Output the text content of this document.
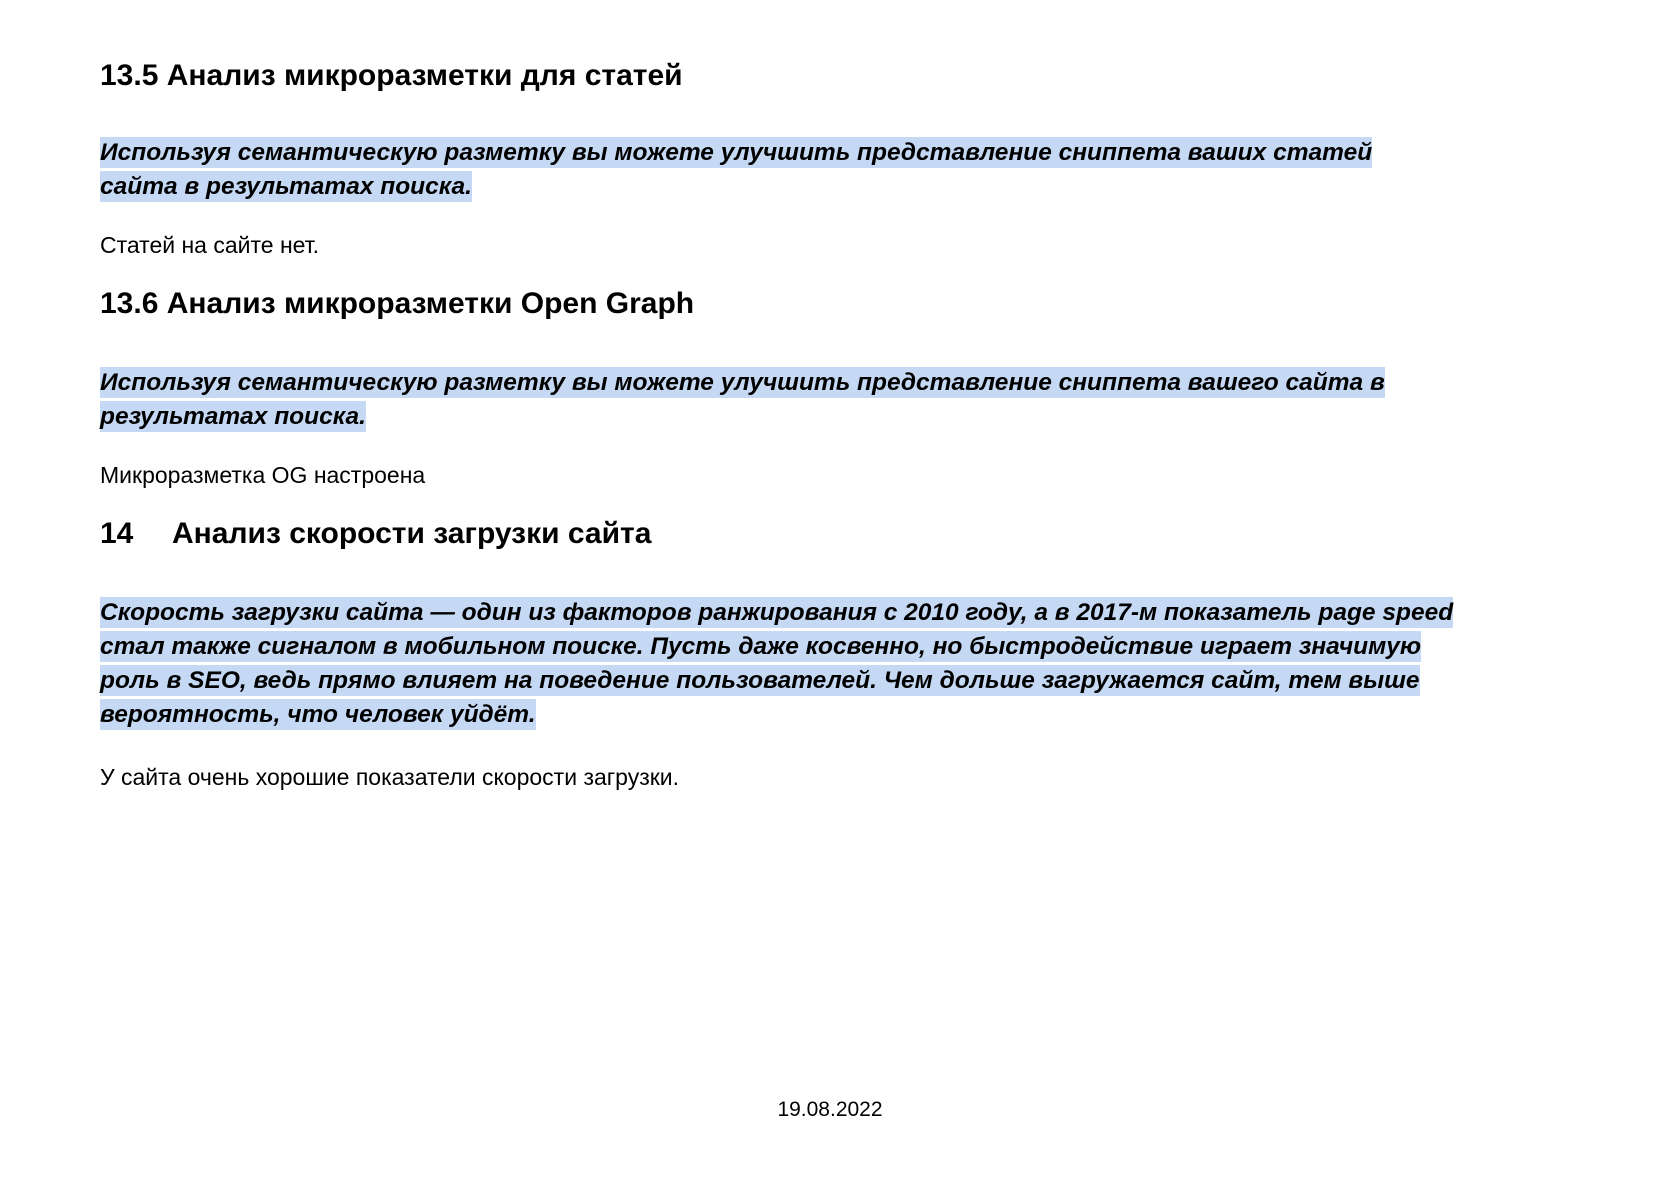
13.5 Анализ микроразметки для статей

Используя семантическую разметку вы можете улучшить представление сниппета ваших статей
сайта в результатах поиска.

Статей на сайте нет.

13.6 Анализ микроразметки Open Graph

Используя семантическую разметку вы можете улучшить представление сниппета вашего сайта в
результатах поиска.

Микроразметка OG настроена

14 Анализ скорости загрузки сайта

Скорость загрузки сайта — один из факторов ранжирования с 2010 году, а в 2017-м показатель page speed
стал также сигналом в мобильном поиске. Пусть даже косвенно, но быстродействие играет значимую
роль в SEO, ведь прямо влияет на поведение пользователей. Чем дольше загружается сайт, тем выше
вероятность, что человек уйдёт.

У сайта очень хорошие показатели скорости загрузки.

19.08.2022
